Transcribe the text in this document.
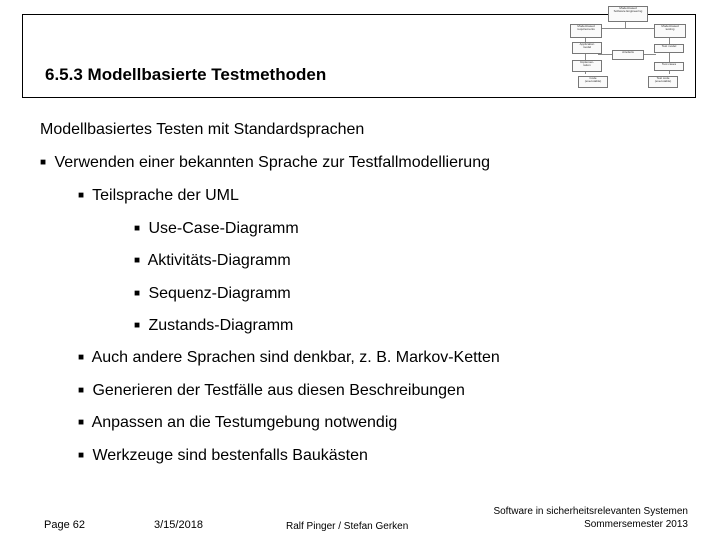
6.5.3 Modellbasierte Testmethoden
Model-based
Software Engineering
Model-based
requirements
Model-based
testing
Application
model	Test model
Artefacts
Implemen-
tation	Test cases
Code
(executable)
Test code
(executable)
Modellbasiertes Testen mit Standardsprachen
■ Verwenden einer bekannten Sprache zur Testfallmodellierung
■ Teilsprache der UML
■ Use-Case-Diagramm
■ Aktivitäts-Diagramm
■ Sequenz-Diagramm
■ Zustands-Diagramm
■ Auch andere Sprachen sind denkbar, z. B. Markov-Ketten
■ Generieren der Testfälle aus diesen Beschreibungen
■ Anpassen an die Testumgebung notwendig
■ Werkzeuge sind bestenfalls Baukästen
Page 62	3/15/2018	Ralf Pinger / Stefan Gerken
Software in sicherheitsrelevanten Systemen
Sommersemester 2013
